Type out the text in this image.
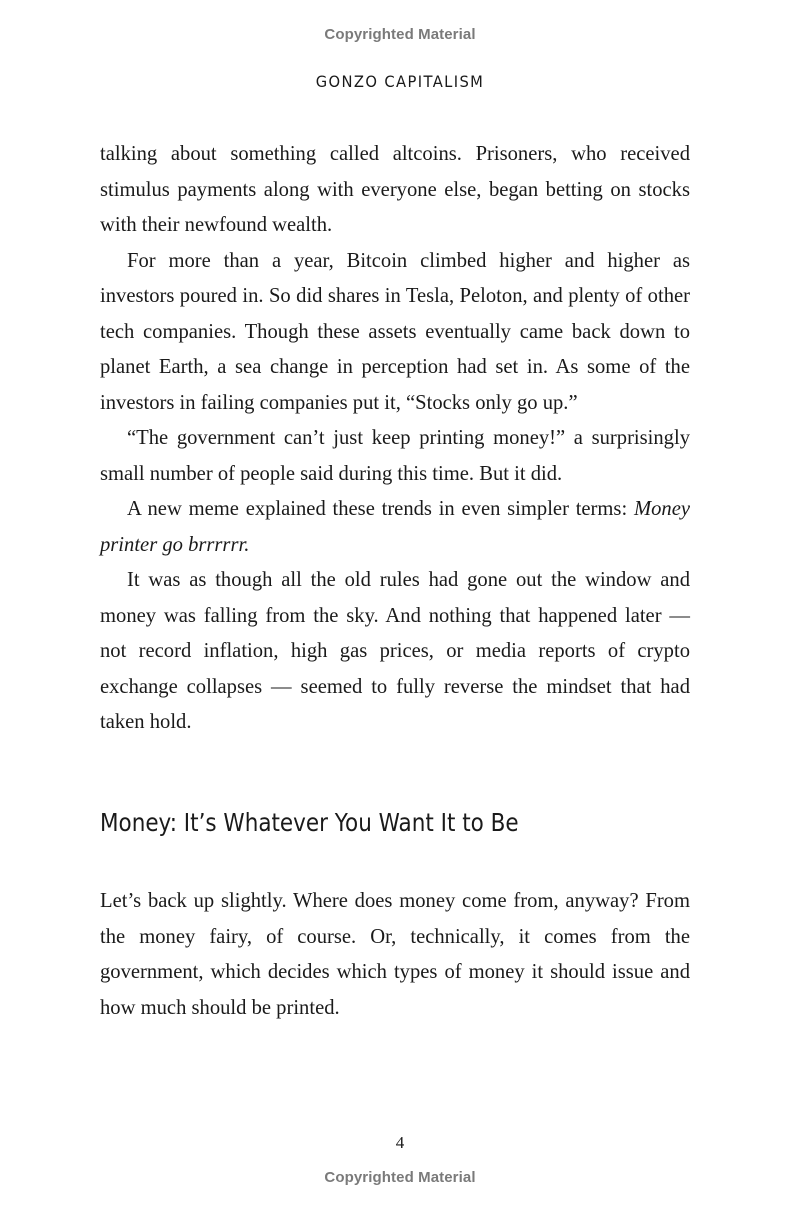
Copyrighted Material
GONZO CAPITALISM

talking about something called altcoins. Prisoners, who received stimulus payments along with everyone else, began betting on stocks with their newfound wealth.

For more than a year, Bitcoin climbed higher and higher as investors poured in. So did shares in Tesla, Peloton, and plenty of other tech companies. Though these assets eventually came back down to planet Earth, a sea change in perception had set in. As some of the investors in failing companies put it, “Stocks only go up.”

“The government can’t just keep printing money!” a surprisingly small number of people said during this time. But it did.

A new meme explained these trends in even simpler terms: Money printer go brrrrrr.

It was as though all the old rules had gone out the window and money was falling from the sky. And nothing that happened later — not record inflation, high gas prices, or media reports of crypto exchange collapses — seemed to fully reverse the mindset that had taken hold.

Money: It’s Whatever You Want It to Be

Let’s back up slightly. Where does money come from, anyway? From the money fairy, of course. Or, technically, it comes from the government, which decides which types of money it should issue and how much should be printed.

4
Copyrighted Material
